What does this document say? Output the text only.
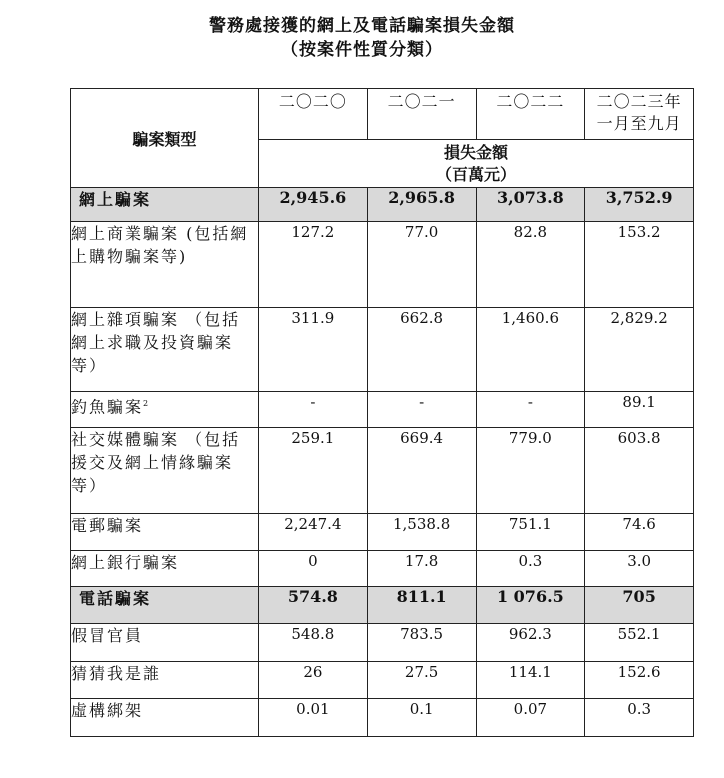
警務處接獲的網上及電話騙案損失金額
（按案件性質分類）
騙案類型	二〇二〇	二〇二一	二〇二二	二〇二三年
一月至九月

	損失金額
（百萬元）			

網上騙案	2,945.6	2,965.8	3,073.8	3,752.9
網上商業騙案 (包括網上購物騙案等)	127.2	77.0	82.8	153.2
網上雜項騙案 （包括網上求職及投資騙案等）	311.9	662.8	1,460.6	2,829.2
釣魚騙案$^2$	-	-	-	89.1
社交媒體騙案 （包括援交及網上情緣騙案等）	259.1	669.4	779.0	603.8
電郵騙案	2,247.4	1,538.8	751.1	74.6
網上銀行騙案	0	17.8	0.3	3.0
電話騙案	574.8	811.1	1 076.5	705
假冒官員	548.8	783.5	962.3	552.1
猜猜我是誰	26	27.5	114.1	152.6
虛構綁架	0.01	0.1	0.07	0.3
